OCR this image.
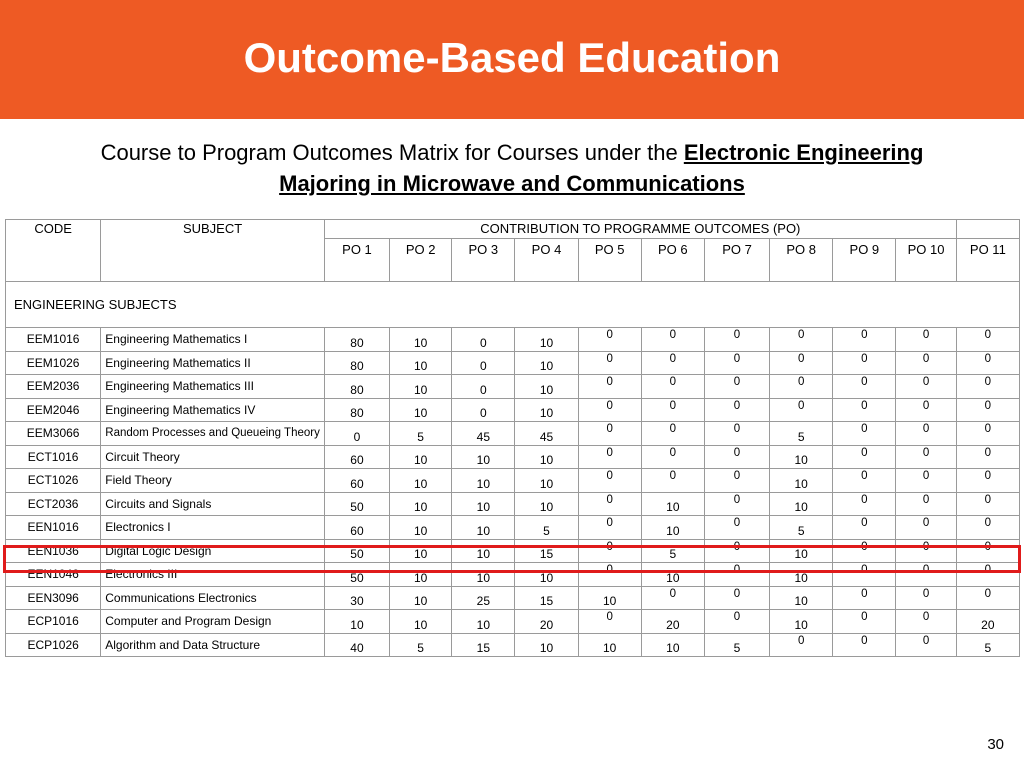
Outcome-Based Education
Course to Program Outcomes Matrix for Courses under the Electronic Engineering
Majoring in Microwave and Communications
CODE	SUBJECT	CONTRIBUTION TO PROGRAMME OUTCOMES (PO)										
		PO 1	PO 2	PO 3	PO 4	PO 5	PO 6	PO 7	PO 8	PO 9	PO 10	PO 11
ENGINEERING SUBJECTS												
EEM1016	Engineering Mathematics I	80	10	0	10	0	0	0	0	0	0	0
EEM1026	Engineering Mathematics II	80	10	0	10	0	0	0	0	0	0	0
EEM2036	Engineering Mathematics III	80	10	0	10	0	0	0	0	0	0	0
EEM2046	Engineering Mathematics IV	80	10	0	10	0	0	0	0	0	0	0
EEM3066	Random Processes and Queueing Theory	0	5	45	45	0	0	0	5	0	0	0
ECT1016	Circuit Theory	60	10	10	10	0	0	0	10	0	0	0
ECT1026	Field Theory	60	10	10	10	0	0	0	10	0	0	0
ECT2036	Circuits and Signals	50	10	10	10	0	10	0	10	0	0	0
EEN1016	Electronics I	60	10	10	5	0	10	0	5	0	0	0
EEN1036	Digital Logic Design	50	10	10	15	0	5	0	10	0	0	0
EEN1046	Electronics III	50	10	10	10	0	10	0	10	0	0	0
EEN3096	Communications Electronics	30	10	25	15	10	0	0	10	0	0	0
ECP1016	Computer and Program Design	10	10	10	20	0	20	0	10	0	0	20
ECP1026	Algorithm and Data Structure	40	5	15	10	10	10	5	0	0	0	5
30
